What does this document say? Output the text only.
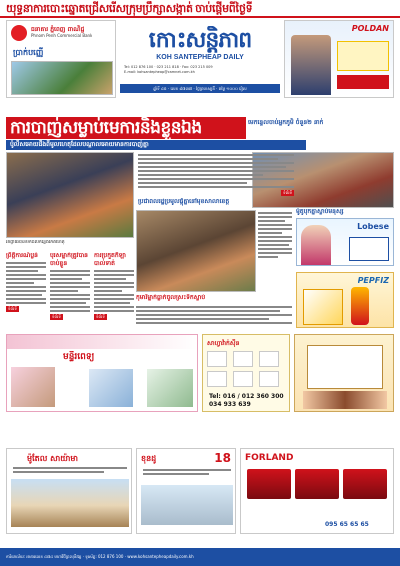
យុទ្ធនាការបោះឆ្នោតជ្រើសរើសក្រុមប្រឹក្សាសង្កាត់ ចាប់ផ្ដើមពីថ្ងៃទី
ធនាគារ ភ្នំពេញ ពាណិជ្ជ
Phnom Penh Commercial Bank
ប្រាក់បញ្ញើ
កោះសន្តិភាព
KOH SANTEPHEAP DAILY
Tel: 012 876 100 · 023 211 818 · Fax: 023 215 009
E-mail: kohsantepheap@camnet.com.kh
ឆ្នាំទី ៤៥ · លេខ ៨៧៣៧ · ថ្ងៃព្រហស្បតិ៍ · តម្លៃ ១០០០ រៀល
POLDAN
ការបាញ់សម្លាប់មេការនិងខ្លួនឯង	មេកន្ទេលចាប់អ្នកភូមិ ចំនួន២ នាក់
ប៉ូលីសអោយដឹងពីមូលហេតុដែលបណ្ដាលអោយមានការបាញ់គ្នា
ទំព័រទី
ប្រជាពលរដ្ឋប្រមូលផ្ដុំគ្នានៅមុខសាលាខេត្ត
កុមារីម្នាក់ធ្លាក់ចូលស្រះទឹកស្លាប់
ម៉ូតូបុកគ្នាស្លាប់មនុស្ស
អាជ្ញាធរបានមកដល់កន្លែងកើតហេតុ
ព្រឹត្តិការណ៍ប្លន់
ទំព័រទី
បុរសម្នាក់ត្រូវបានចាប់ខ្លួន
ទំព័រទី
ការប្រកួតកីឡាបាល់ទាត់
ទំព័រទី
Lobese
PEPFIZ
មន្ទីរពេទ្យ
សាហ្វាវ៉ាក់ស៊ីន
Tel: 016 / 012 360 300
034 933 639
ម៉ូតែល សាយ៉ាមា	ខុនដូ	18 FORLAND
095 65 65 65
ការិយាល័យ: អាគារលេខ ៤៧៤ មហាវិថីព្រះមុនីវង្ស · ទូរស័ព្ទ: 012 876 100 · www.kohsantepheapdaily.com.kh
